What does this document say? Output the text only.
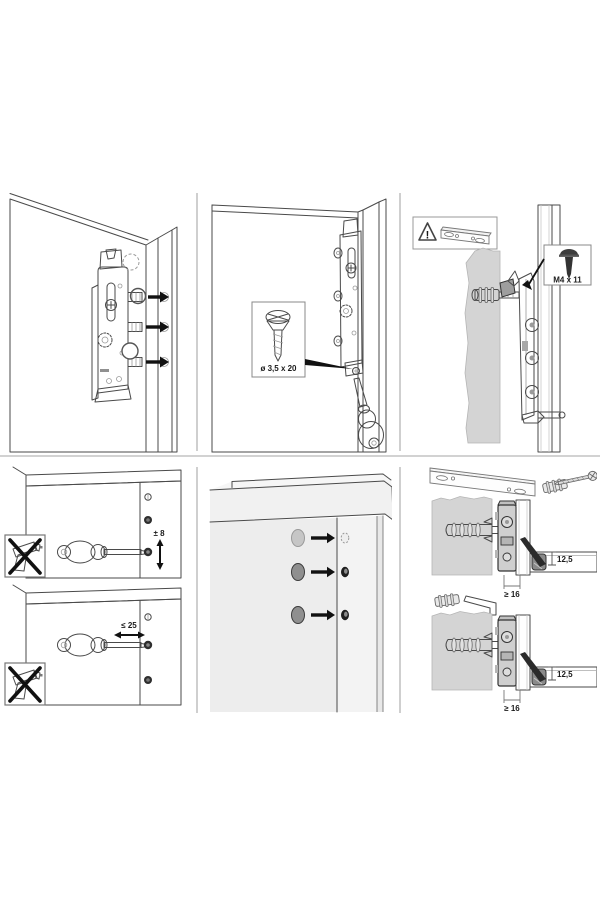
ø 3,5 x 20
!
M4 x 11
± 8
≤ 25
12,5
≥ 16
12,5
≥ 16
